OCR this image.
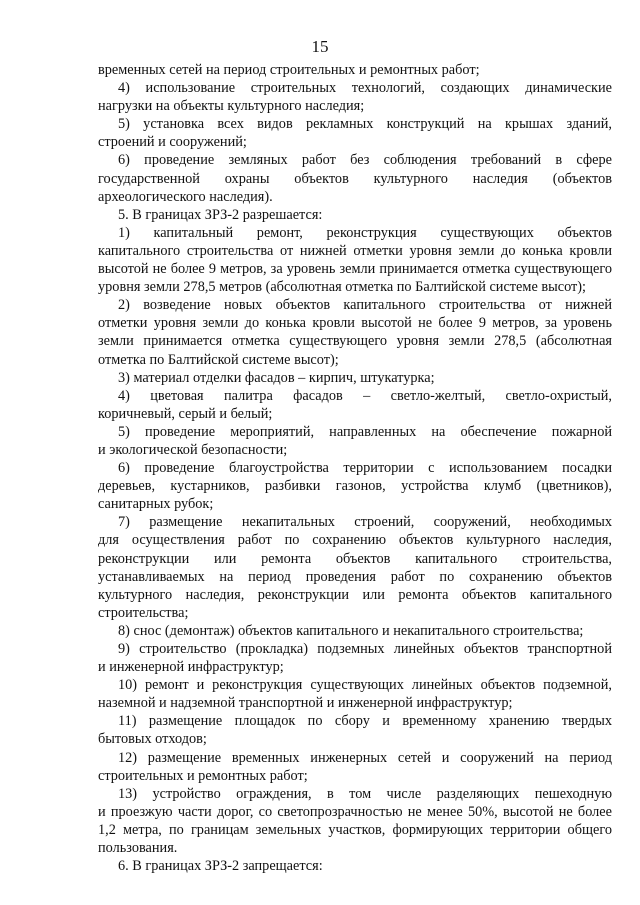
15
временных сетей на период строительных и ремонтных работ;
4) использование строительных технологий, создающих динамические
нагрузки на объекты культурного наследия;
5) установка всех видов рекламных конструкций на крышах зданий,
строений и сооружений;
6) проведение земляных работ без соблюдения требований в сфере
государственной охраны объектов культурного наследия (объектов
археологического наследия).
5. В границах ЗРЗ-2 разрешается:
1) капитальный ремонт, реконструкция существующих объектов
капитального строительства от нижней отметки уровня земли до конька кровли
высотой не более 9 метров, за уровень земли принимается отметка существующего
уровня земли 278,5 метров (абсолютная отметка по Балтийской системе высот);
2) возведение новых объектов капитального строительства от нижней
отметки уровня земли до конька кровли высотой не более 9 метров, за уровень
земли принимается отметка существующего уровня земли 278,5 (абсолютная
отметка по Балтийской системе высот);
3) материал отделки фасадов – кирпич, штукатурка;
4) цветовая палитра фасадов – светло-желтый, светло-охристый,
коричневый, серый и белый;
5) проведение мероприятий, направленных на обеспечение пожарной
и экологической безопасности;
6) проведение благоустройства территории с использованием посадки
деревьев, кустарников, разбивки газонов, устройства клумб (цветников),
санитарных рубок;
7) размещение некапитальных строений, сооружений, необходимых
для осуществления работ по сохранению объектов культурного наследия,
реконструкции или ремонта объектов капитального строительства,
устанавливаемых на период проведения работ по сохранению объектов
культурного наследия, реконструкции или ремонта объектов капитального
строительства;
8) снос (демонтаж) объектов капитального и некапитального строительства;
9) строительство (прокладка) подземных линейных объектов транспортной
и инженерной инфраструктур;
10) ремонт и реконструкция существующих линейных объектов подземной,
наземной и надземной транспортной и инженерной инфраструктур;
11) размещение площадок по сбору и временному хранению твердых
бытовых отходов;
12) размещение временных инженерных сетей и сооружений на период
строительных и ремонтных работ;
13) устройство ограждения, в том числе разделяющих пешеходную
и проезжую части дорог, со светопрозрачностью не менее 50%, высотой не более
1,2 метра, по границам земельных участков, формирующих территории общего
пользования.
6. В границах ЗРЗ-2 запрещается:
